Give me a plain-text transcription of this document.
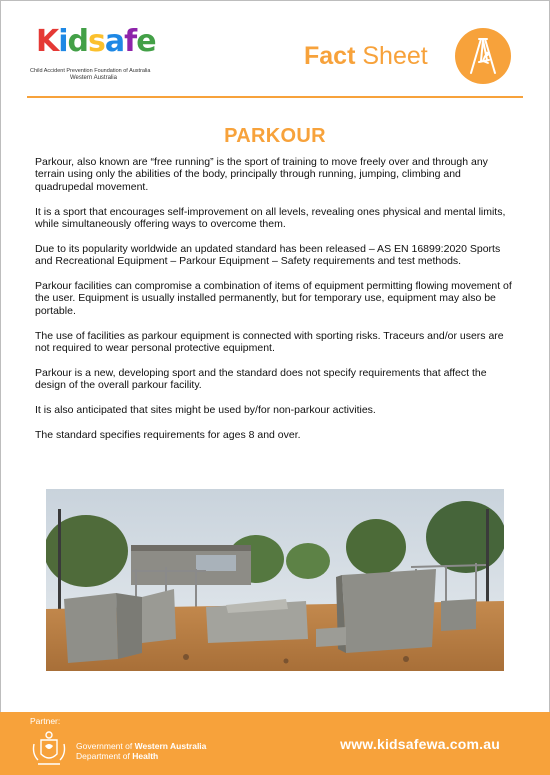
Kidsafe
Child Accident Prevention Foundation of Australia
Western Australia
Fact Sheet
PARKOUR

Parkour, also known are “free running” is the sport of training to move freely over and through any terrain using only the abilities of the body, principally through running, jumping, climbing and quadrupedal movement.

It is a sport that encourages self-improvement on all levels, revealing ones physical and mental limits, while simultaneously offering ways to overcome them.

Due to its popularity worldwide an updated standard has been released – AS EN 16899:2020 Sports and Recreational Equipment – Parkour Equipment – Safety requirements and test methods.

Parkour facilities can compromise a combination of items of equipment permitting flowing movement of the user. Equipment is usually installed permanently, but for temporary use, equipment may also be portable.

The use of facilities as parkour equipment is connected with sporting risks. Traceurs and/or users are not required to wear personal protective equipment.

Parkour is a new, developing sport and the standard does not specify requirements that affect the design of the overall parkour facility.

It is also anticipated that sites might be used by/for non-parkour activities.

The standard specifies requirements for ages 8 and over.

Partner:
Government of Western Australia
Department of Health
www.kidsafewa.com.au
